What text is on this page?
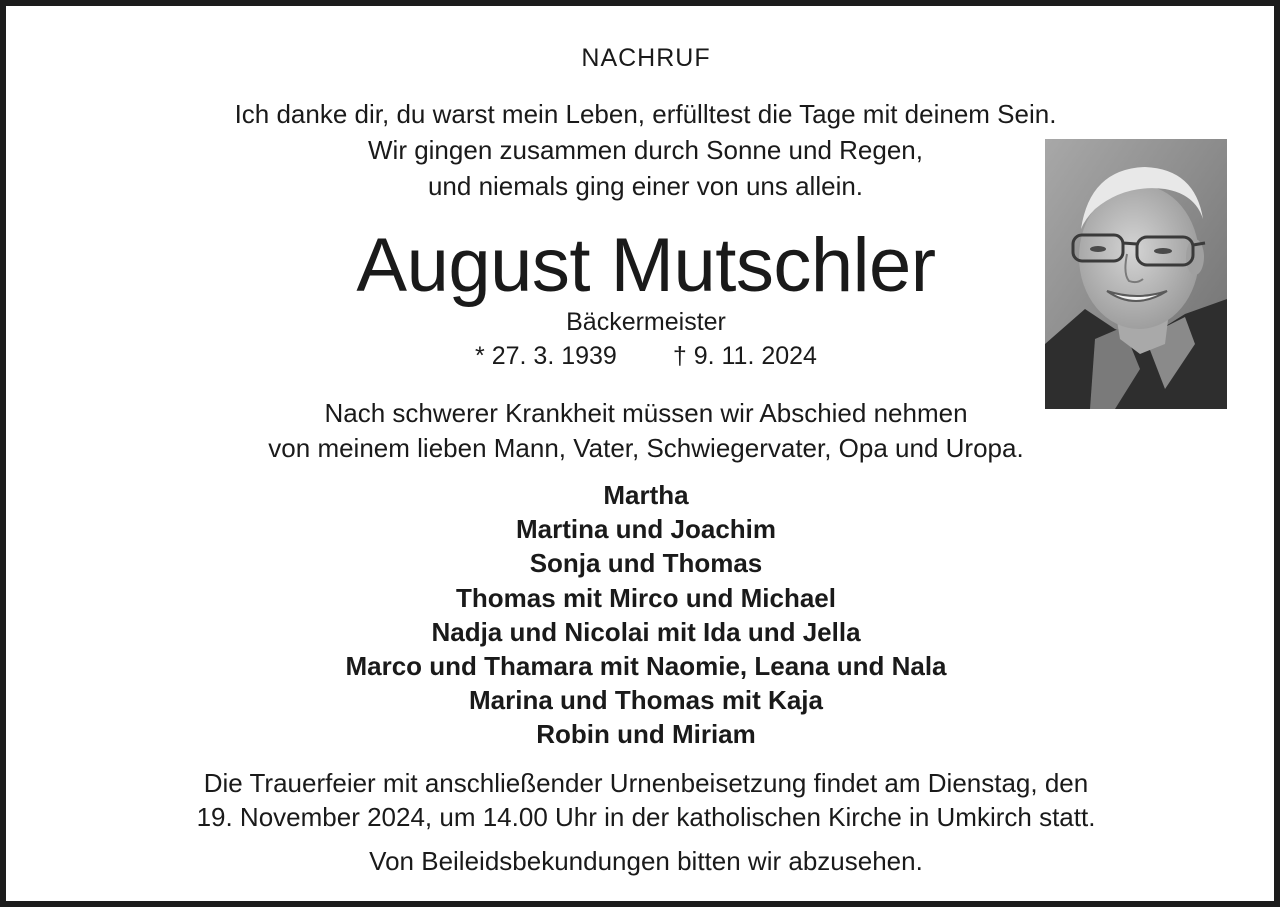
NACHRUF
Ich danke dir, du warst mein Leben, erfülltest die Tage mit deinem Sein.
Wir gingen zusammen durch Sonne und Regen,
und niemals ging einer von uns allein.
August Mutschler
Bäckermeister
* 27. 3. 1939 † 9. 11. 2024
Nach schwerer Krankheit müssen wir Abschied nehmen
von meinem lieben Mann, Vater, Schwiegervater, Opa und Uropa.
Martha
Martina und Joachim
Sonja und Thomas
Thomas mit Mirco und Michael
Nadja und Nicolai mit Ida und Jella
Marco und Thamara mit Naomie, Leana und Nala
Marina und Thomas mit Kaja
Robin und Miriam
Die Trauerfeier mit anschließender Urnenbeisetzung findet am Dienstag, den
19. November 2024, um 14.00 Uhr in der katholischen Kirche in Umkirch statt.
Von Beileidsbekundungen bitten wir abzusehen.
